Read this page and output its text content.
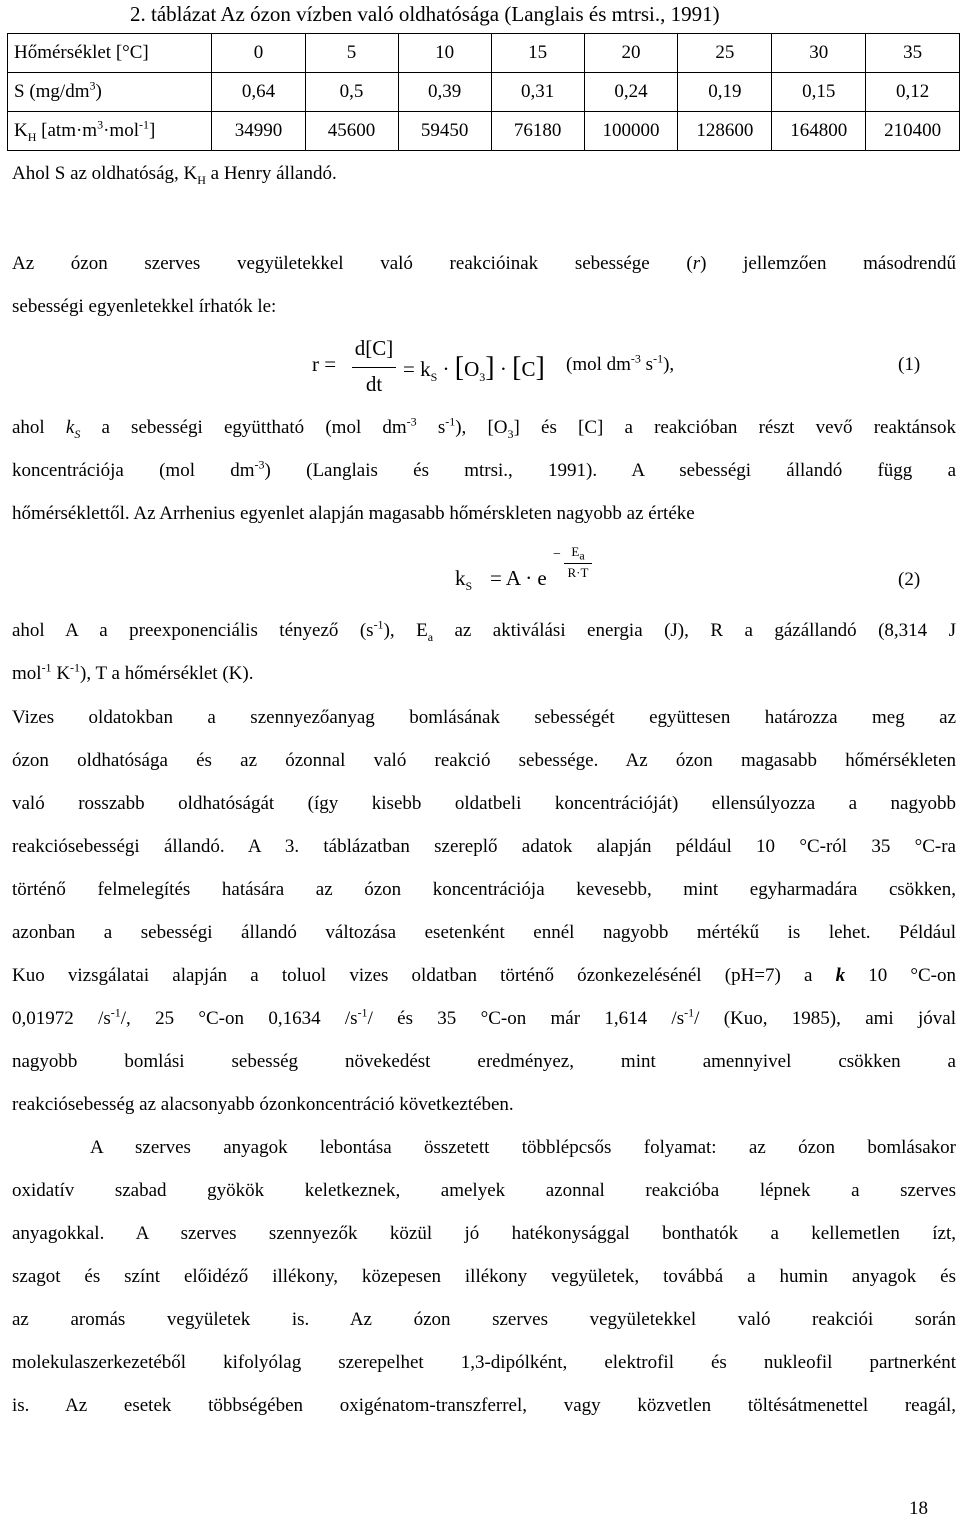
2. táblázat Az ózon vízben való oldhatósága (Langlais és mtrsi., 1991)
Hőmérséklet [°C]	0	5	10	15	20	25	30	35
S $(mg/dm^3)$	0,64	0,5	0,39	0,31	0,24	0,19	0,15	0,12
$K_H$ $[atm\cdot m^3\cdot mol^{-1}]$	34990	45600	59450	76180	100000	128600	164800	210400
Ahol S az oldhatóság, $K_H$ a Henry állandó.
Az ózon szerves vegyületekkel való reakcióinak sebessége (r) jellemzően másodrendű
sebességi egyenletekkel írhatók le:
r =
d[C]
dt
= $k_S \cdot [O_3] \cdot [C]$ (mol $dm^{-3}$ $s^{-1}$),	(1)
ahol $k_S$ a sebességi együttható (mol $dm^{-3}$ $s^{-1}$), $[O_3]$ és [C] a reakcióban részt vevő reaktánsok
koncentrációja (mol $dm^{-3}$) (Langlais és mtrsi., 1991). A sebességi állandó függ a
hőmérséklettől. Az Arrhenius egyenlet alapján magasabb hőmérskleten nagyobb az értéke
$k_S = A \cdot e$
− $E_a$
R·T	(2)
ahol A a preexponenciális tényező $(s^{-1})$, $E_a$ az aktiválási energia (J), R a gázállandó (8,314 J
mol$^{-1}$ $K^{-1}$), T a hőmérséklet (K).
Vizes oldatokban a szennyezőanyag bomlásának sebességét együttesen határozza meg az
ózon oldhatósága és az ózonnal való reakció sebessége. Az ózon magasabb hőmérsékleten
való rosszabb oldhatóságát (így kisebb oldatbeli koncentrációját) ellensúlyozza a nagyobb
reakciósebességi állandó. A 3. táblázatban szereplő adatok alapján például 10 °C-ról 35 °C-ra
történő felmelegítés hatására az ózon koncentrációja kevesebb, mint egyharmadára csökken,
azonban a sebességi állandó változása esetenként ennél nagyobb mértékű is lehet. Például
Kuo vizsgálatai alapján a toluol vizes oldatban történő ózonkezelésénél (pH=7) a k 10 °C-on
0,01972 $/s^{-1}/$, 25 °C-on 0,1634 $/s^{-1}/$ és 35 °C-on már 1,614 $/s^{-1}/$ (Kuo, 1985), ami jóval
nagyobb bomlási sebesség növekedést eredményez, mint amennyivel csökken a
reakciósebesség az alacsonyabb ózonkoncentráció következtében.
A szerves anyagok lebontása összetett többlépcsős folyamat: az ózon bomlásakor
oxidatív szabad gyökök keletkeznek, amelyek azonnal reakcióba lépnek a szerves
anyagokkal. A szerves szennyezők közül jó hatékonysággal bonthatók a kellemetlen ízt,
szagot és színt előidéző illékony, közepesen illékony vegyületek, továbbá a humin anyagok és
az aromás vegyületek is. Az ózon szerves vegyületekkel való reakciói során
molekulaszerkezetéből kifolyólag szerepelhet 1,3-dipólként, elektrofil és nukleofil partnerként
is. Az esetek többségében oxigénatom-transzferrel, vagy közvetlen töltésátmenettel reagál,
18
